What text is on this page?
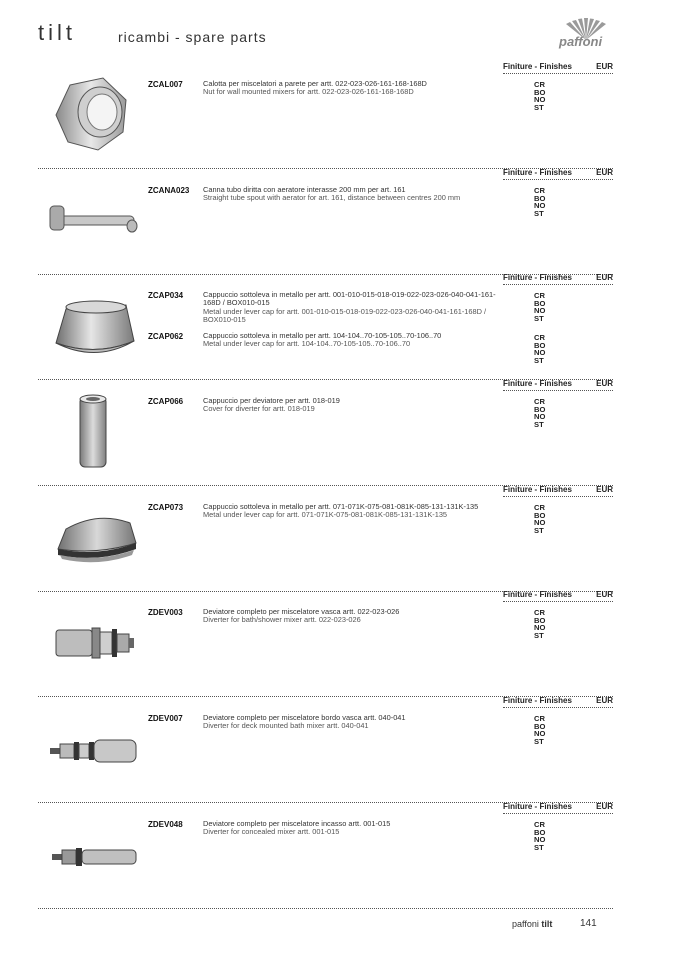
tilt	ricambi - spare parts	paffoni
Finiture - Finishes	EUR
ZCAL007	Calotta per miscelatori a parete per artt. 022-023-026-161-168-168D
Nut for wall mounted mixers for artt. 022-023-026-161-168-168D
CR
BO
NO
ST
Finiture - Finishes	EUR
ZCANA023 Canna tubo diritta con aeratore interasse 200 mm per art. 161
Straight tube spout with aerator for art. 161, distance between centres 200 mm
CR
BO
NO
ST
Finiture - Finishes	EUR
ZCAP034	Cappuccio sottoleva in metallo per artt. 001-010-015-018-019-022-023-026-040-041-161-168D / BOX010-015
Metal under lever cap for artt. 001-010-015-018-019-022-023-026-040-041-161-168D / BOX010-015
CR
BO
NO
ST
ZCAP062	Cappuccio sottoleva in metallo per artt. 104-104..70-105-105..70-106..70
Metal under lever cap for artt. 104-104..70-105-105..70-106..70
CR
BO
NO
ST
Finiture - Finishes	EUR
ZCAP066	Cappuccio per deviatore per artt. 018-019
Cover for diverter for artt. 018-019
CR
BO
NO
ST
Finiture - Finishes	EUR
ZCAP073	Cappuccio sottoleva in metallo per artt. 071-071K-075-081-081K-085-131-131K-135
Metal under lever cap for artt. 071-071K-075-081-081K-085-131-131K-135
CR
BO
NO
ST
Finiture - Finishes	EUR
ZDEV003	Deviatore completo per miscelatore vasca artt. 022-023-026
Diverter for bath/shower mixer artt. 022-023-026
CR
BO
NO
ST
Finiture - Finishes	EUR
ZDEV007	Deviatore completo per miscelatore bordo vasca artt. 040-041
Diverter for deck mounted bath mixer artt. 040-041
CR
BO
NO
ST
Finiture - Finishes	EUR
ZDEV048	Deviatore completo per miscelatore incasso artt. 001-015
Diverter for concealed mixer artt. 001-015
CR
BO
NO
ST
paffoni tilt	141
